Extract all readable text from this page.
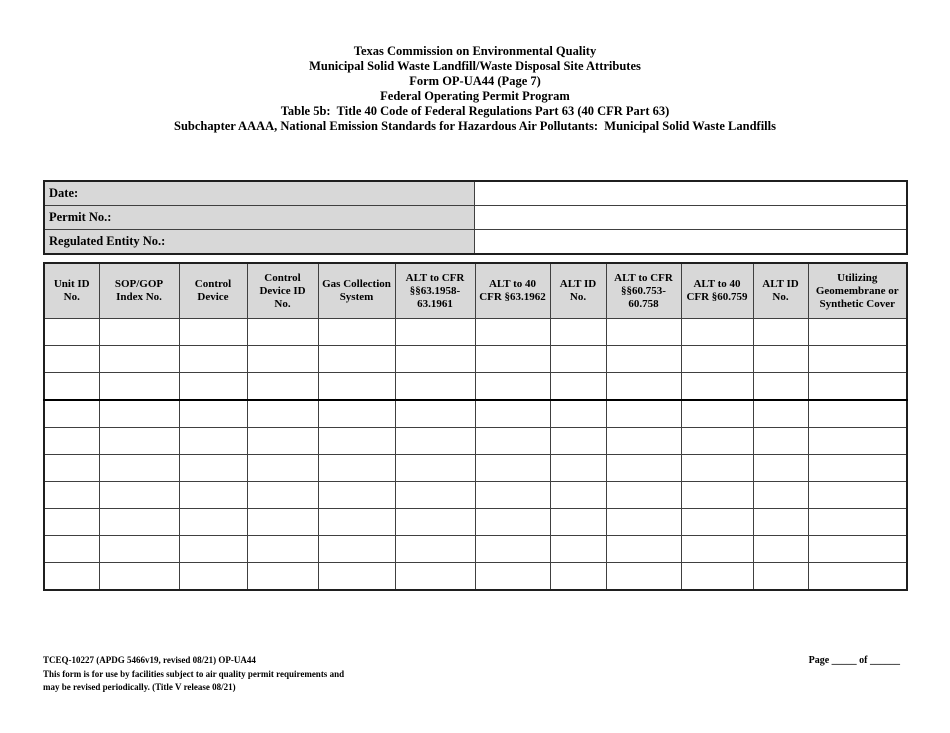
Texas Commission on Environmental Quality
Municipal Solid Waste Landfill/Waste Disposal Site Attributes
Form OP-UA44 (Page 7)
Federal Operating Permit Program
Table 5b:  Title 40 Code of Federal Regulations Part 63 (40 CFR Part 63)
Subchapter AAAA, National Emission Standards for Hazardous Air Pollutants:  Municipal Solid Waste Landfills
Date:	
Permit No.:	
Regulated Entity No.:	
Unit ID No.	SOP/GOP Index No.	Control Device	Control Device ID No.	Gas Collection System	ALT to CFR §§63.1958-63.1961	ALT to 40 CFR §63.1962	ALT ID No.	ALT to CFR §§60.753-60.758	ALT to 40 CFR §60.759	ALT ID No.	Utilizing Geomembrane or Synthetic Cover

TCEQ-10227 (APDG 5466v19, revised 08/21) OP-UA44
This form is for use by facilities subject to air quality permit requirements and
may be revised periodically. (Title V release 08/21)
Page _____ of ______
